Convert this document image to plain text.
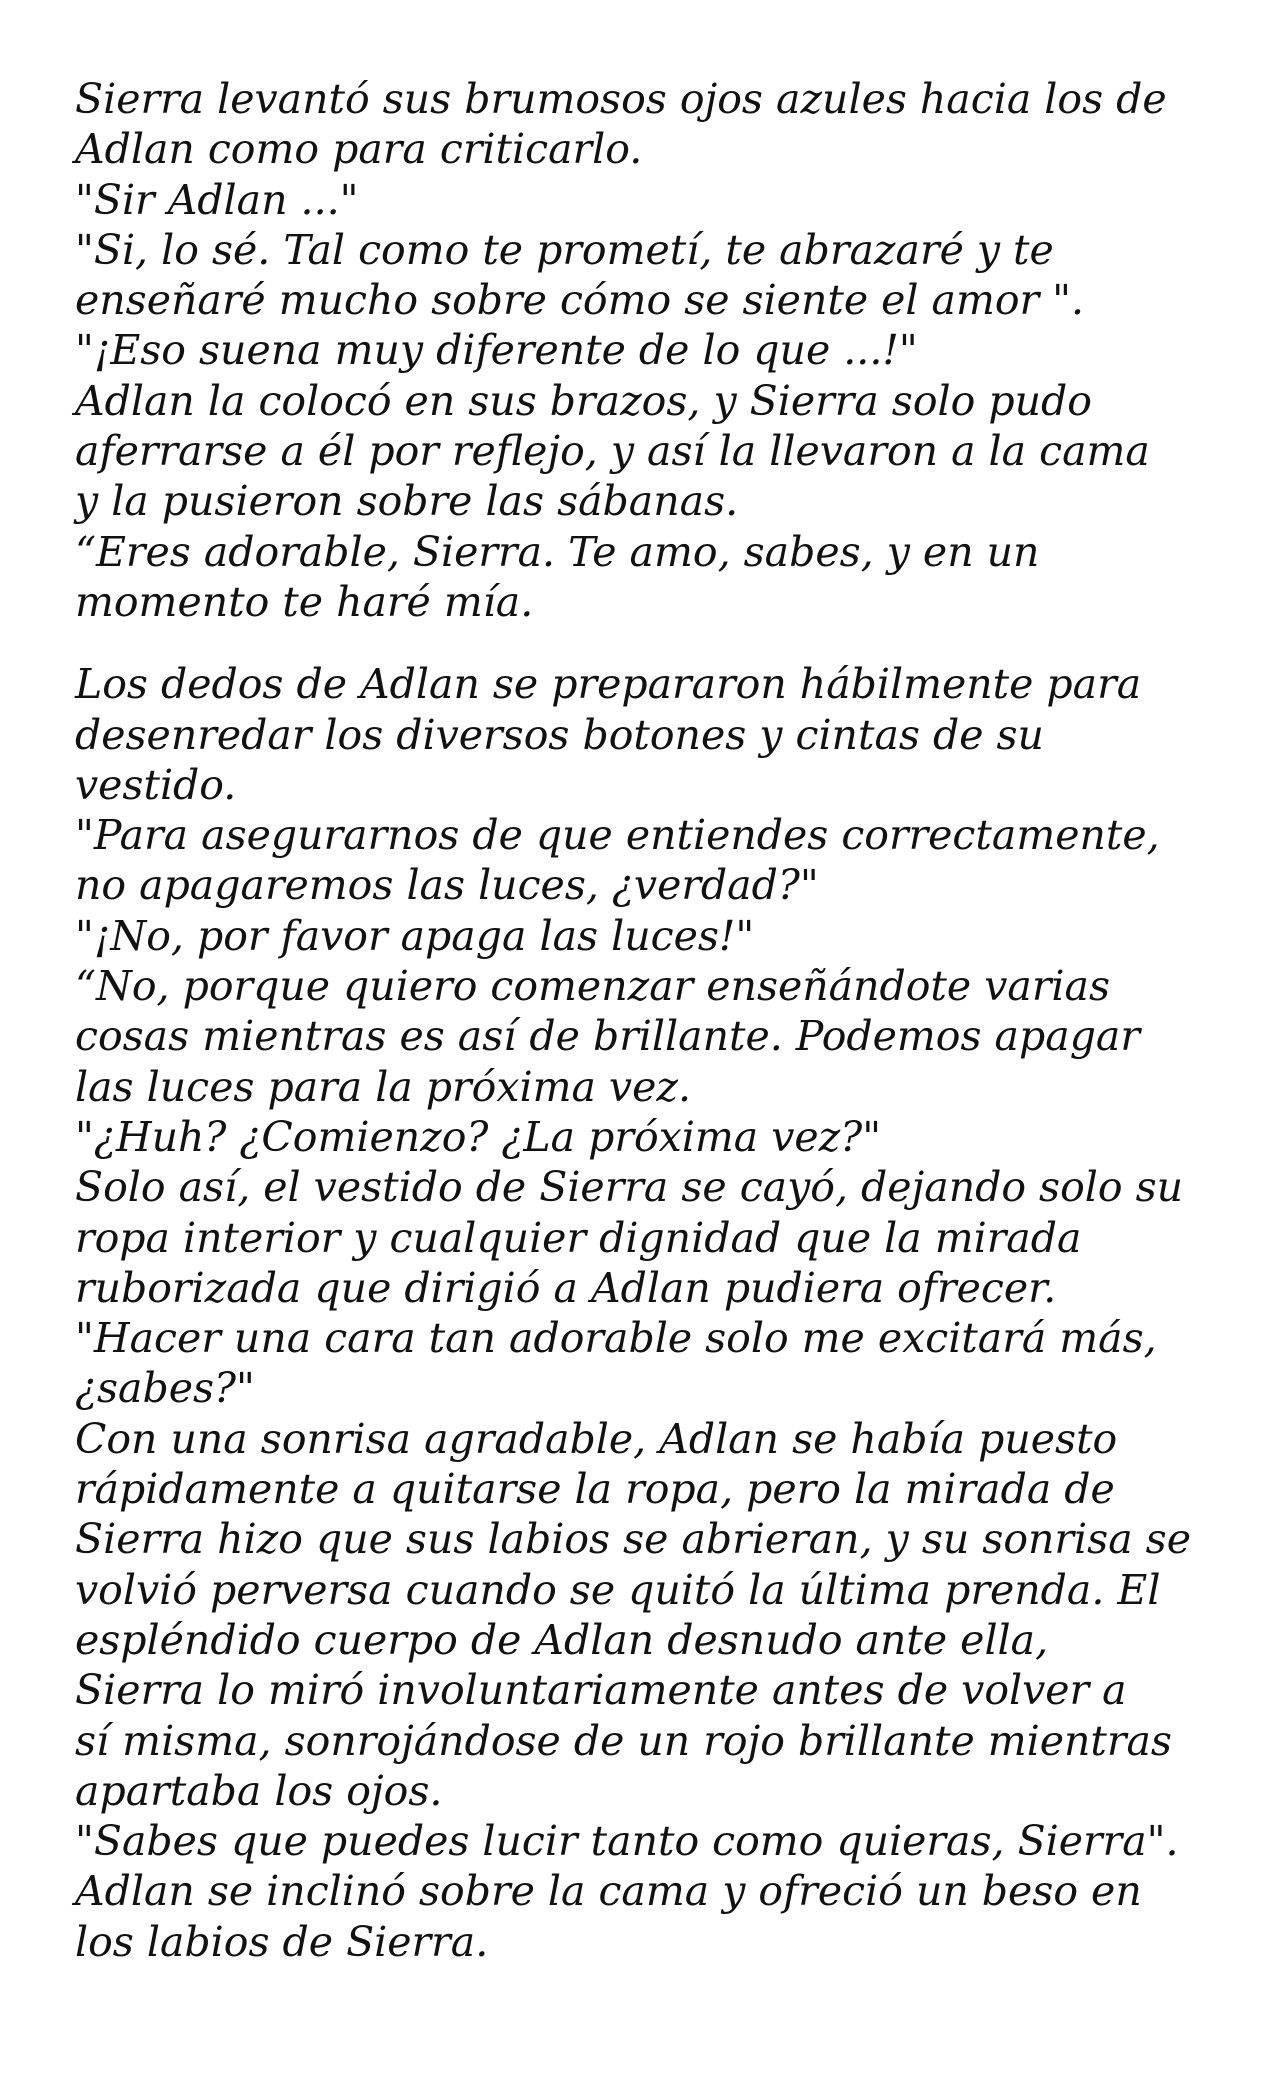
Sierra levantó sus brumosos ojos azules hacia los de
Adlan como para criticarlo.
"Sir Adlan ..."
"Si, lo sé. Tal como te prometí, te abrazaré y te
enseñaré mucho sobre cómo se siente el amor ".
"¡Eso suena muy diferente de lo que ...!"
Adlan la colocó en sus brazos, y Sierra solo pudo
aferrarse a él por reflejo, y así la llevaron a la cama
y la pusieron sobre las sábanas.
“Eres adorable, Sierra. Te amo, sabes, y en un
momento te haré mía.

Los dedos de Adlan se prepararon hábilmente para
desenredar los diversos botones y cintas de su
vestido.
"Para asegurarnos de que entiendes correctamente,
no apagaremos las luces, ¿verdad?"
"¡No, por favor apaga las luces!"
“No, porque quiero comenzar enseñándote varias
cosas mientras es así de brillante. Podemos apagar
las luces para la próxima vez.
"¿Huh? ¿Comienzo? ¿La próxima vez?"
Solo así, el vestido de Sierra se cayó, dejando solo su
ropa interior y cualquier dignidad que la mirada
ruborizada que dirigió a Adlan pudiera ofrecer.
"Hacer una cara tan adorable solo me excitará más,
¿sabes?"
Con una sonrisa agradable, Adlan se había puesto
rápidamente a quitarse la ropa, pero la mirada de
Sierra hizo que sus labios se abrieran, y su sonrisa se
volvió perversa cuando se quitó la última prenda. El
espléndido cuerpo de Adlan desnudo ante ella,
Sierra lo miró involuntariamente antes de volver a
sí misma, sonrojándose de un rojo brillante mientras
apartaba los ojos.
"Sabes que puedes lucir tanto como quieras, Sierra".
Adlan se inclinó sobre la cama y ofreció un beso en
los labios de Sierra.
